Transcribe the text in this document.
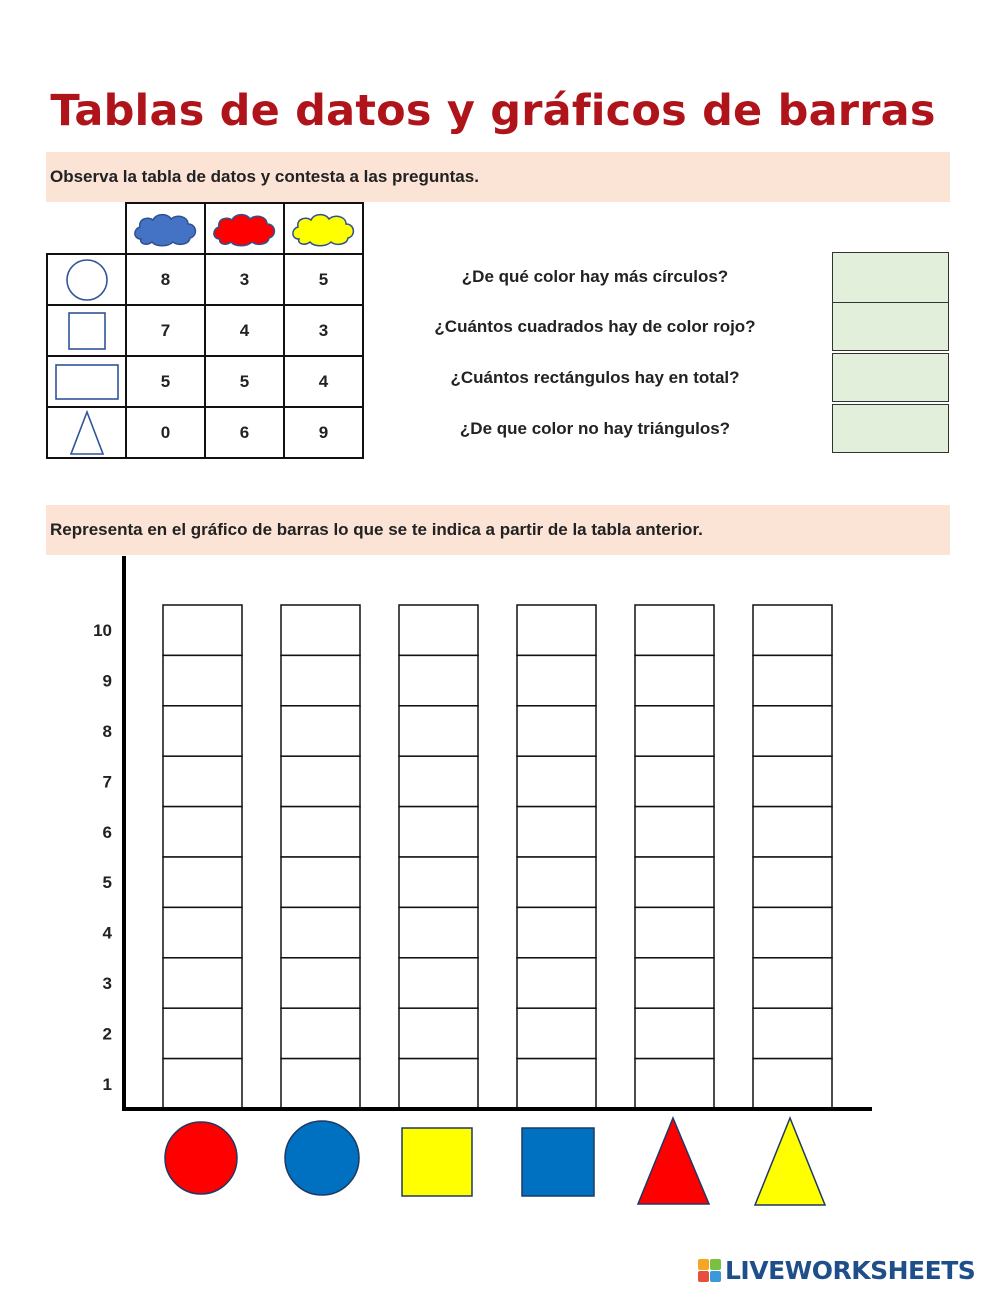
Tablas de datos y gráficos de barras
Observa la tabla de datos y contesta a las preguntas.

	8	3	5

	7	4	3

	5	5	4

	0	6	9
¿De qué color hay más círculos?
¿Cuántos cuadrados hay de color rojo?
¿Cuántos rectángulos hay en total?
¿De que color no hay triángulos?
Representa en el gráfico de barras lo que se te indica a partir de la tabla anterior.
1
2
3
4
5
6
7
8
9
10
LIVEWORKSHEETS
